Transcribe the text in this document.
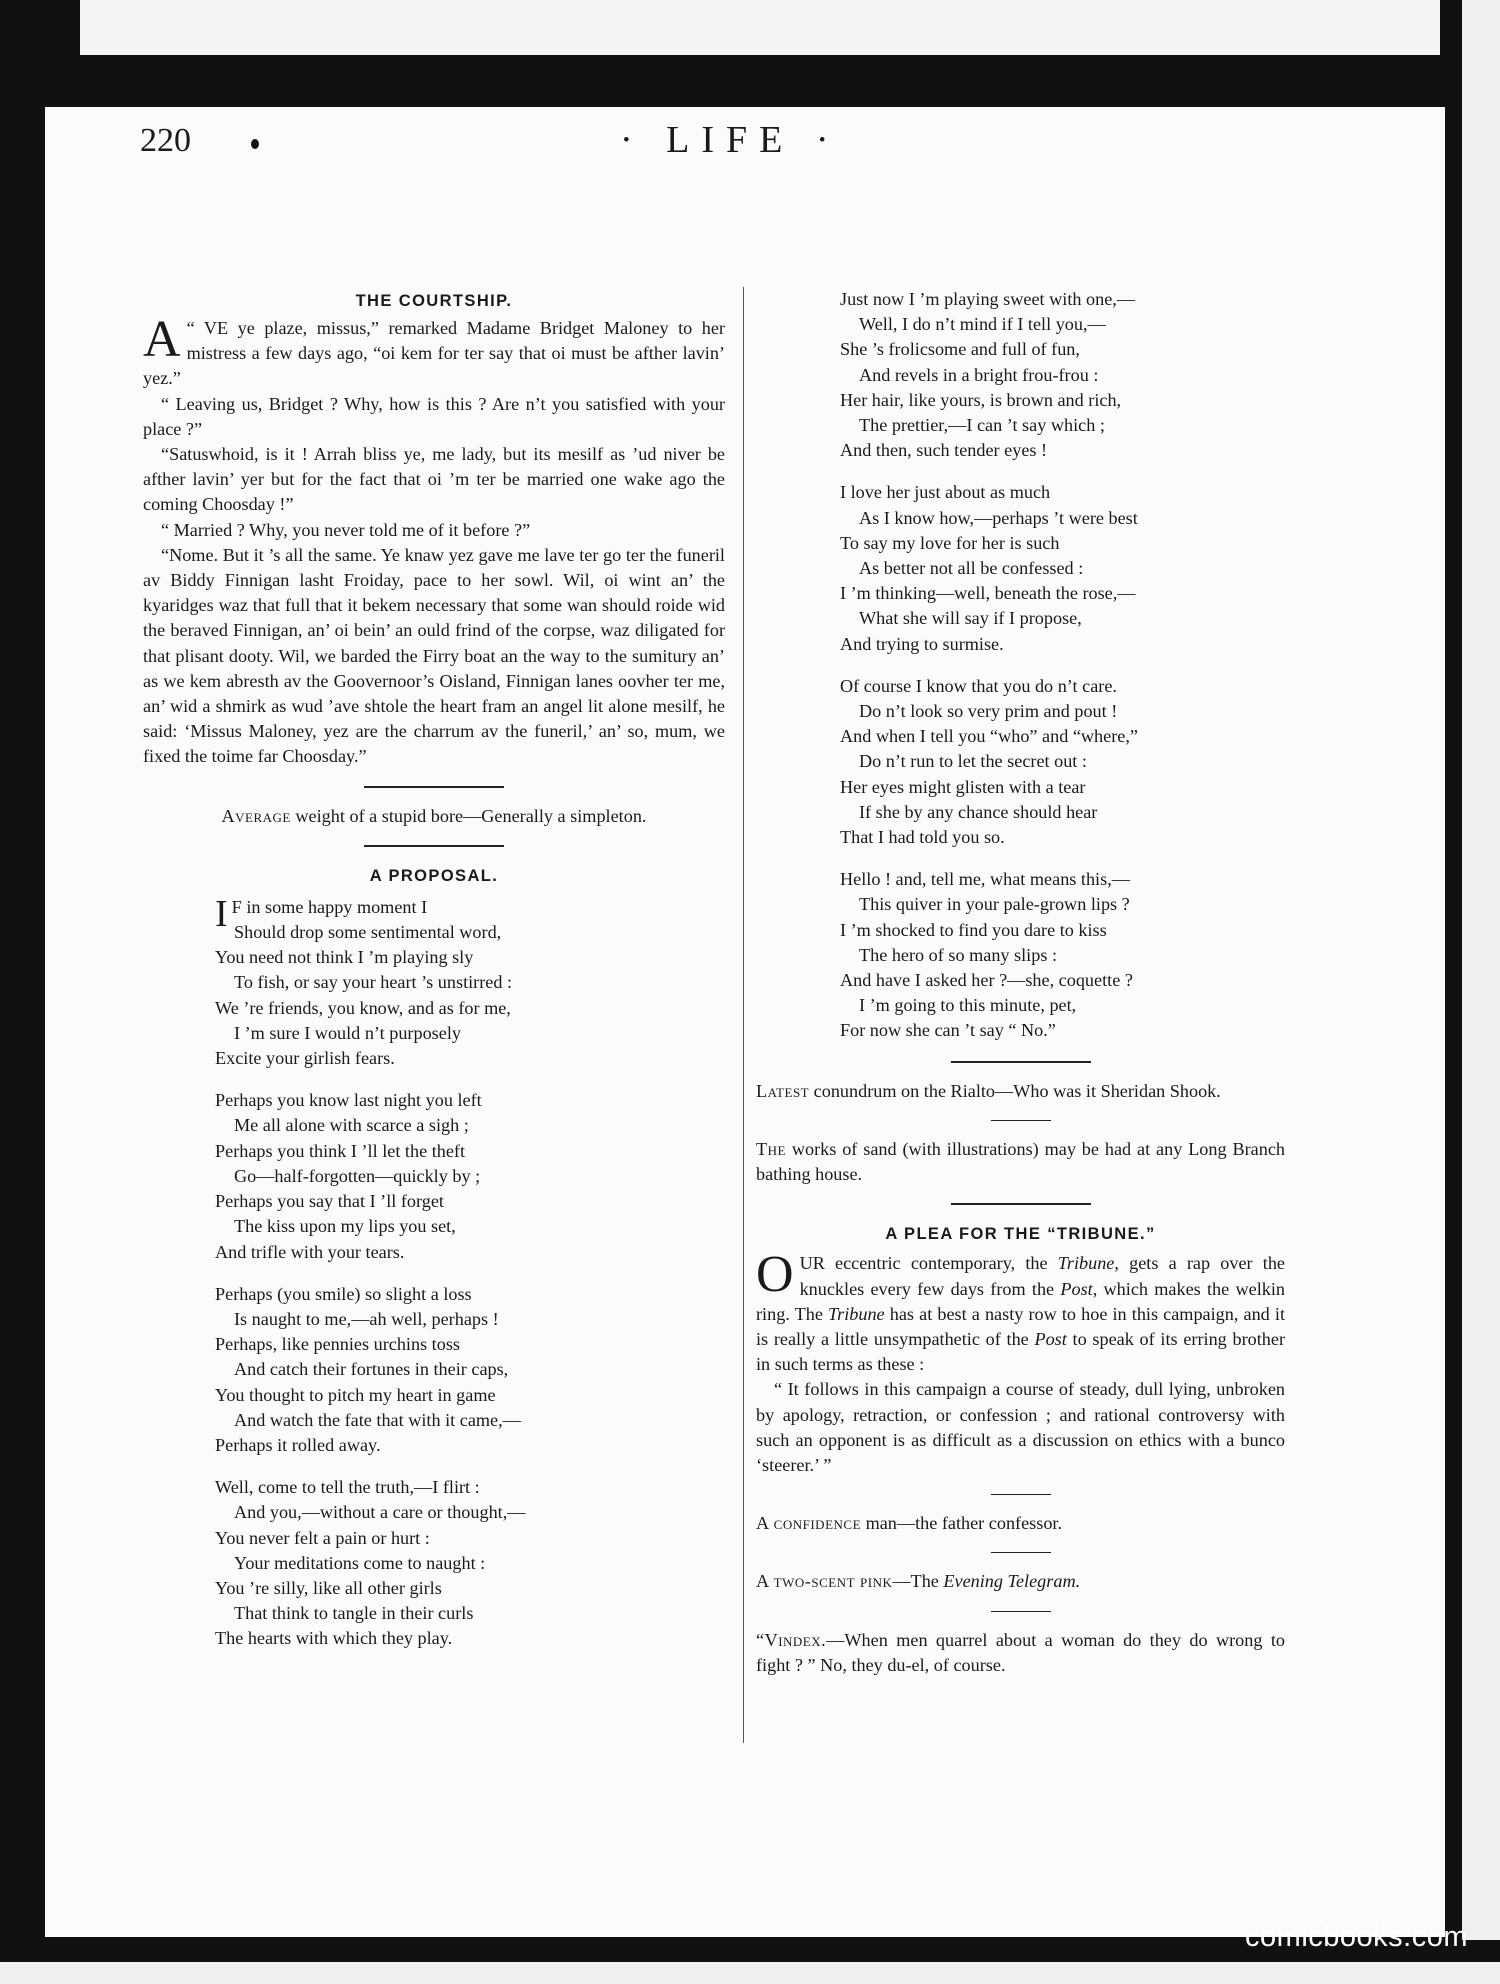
220	· LIFE ·
THE COURTSHIP.

A “ VE ye plaze, missus,” remarked Madame Bridget Maloney to her mistress a few days ago, “oi kem for ter say that oi must be afther lavin’ yez.”

“ Leaving us, Bridget ? Why, how is this ? Are n’t you satisfied with your place ?”

“Satuswhoid, is it ! Arrah bliss ye, me lady, but its mesilf as ’ud niver be afther lavin’ yer but for the fact that oi ’m ter be married one wake ago the coming Choosday !”

“ Married ? Why, you never told me of it before ?”

“Nome. But it ’s all the same. Ye knaw yez gave me lave ter go ter the funeril av Biddy Finnigan lasht Froiday, pace to her sowl. Wil, oi wint an’ the kyaridges waz that full that it bekem necessary that some wan should roide wid the beraved Finnigan, an’ oi bein’ an ould frind of the corpse, waz diligated for that plisant dooty. Wil, we barded the Firry boat an the way to the sumitury an’ as we kem abresth av the Goovernoor’s Oisland, Finnigan lanes oovher ter me, an’ wid a shmirk as wud ’ave shtole the heart fram an angel lit alone mesilf, he said: ‘Missus Maloney, yez are the charrum av the funeril,’ an’ so, mum, we fixed the toime far Choosday.”

Average weight of a stupid bore—Generally a simpleton.

A PROPOSAL.
I F in some happy moment I
Should drop some sentimental word,
You need not think I ’m playing sly
To fish, or say your heart ’s unstirred :
We ’re friends, you know, and as for me,
I ’m sure I would n’t purposely
Excite your girlish fears.
Perhaps you know last night you left
Me all alone with scarce a sigh ;
Perhaps you think I ’ll let the theft
Go—half-forgotten—quickly by ;
Perhaps you say that I ’ll forget
The kiss upon my lips you set,
And trifle with your tears.
Perhaps (you smile) so slight a loss
Is naught to me,—ah well, perhaps !
Perhaps, like pennies urchins toss
And catch their fortunes in their caps,
You thought to pitch my heart in game
And watch the fate that with it came,—
Perhaps it rolled away.
Well, come to tell the truth,—I flirt :
And you,—without a care or thought,—
You never felt a pain or hurt :
Your meditations come to naught :
You ’re silly, like all other girls
That think to tangle in their curls
The hearts with which they play.
Just now I ’m playing sweet with one,—
Well, I do n’t mind if I tell you,—
She ’s frolicsome and full of fun,
And revels in a bright frou-frou :
Her hair, like yours, is brown and rich,
The prettier,—I can ’t say which ;
And then, such tender eyes !
I love her just about as much
As I know how,—perhaps ’t were best
To say my love for her is such
As better not all be confessed :
I ’m thinking—well, beneath the rose,—
What she will say if I propose,
And trying to surmise.
Of course I know that you do n’t care.
Do n’t look so very prim and pout !
And when I tell you “who” and “where,”
Do n’t run to let the secret out :
Her eyes might glisten with a tear
If she by any chance should hear
That I had told you so.
Hello ! and, tell me, what means this,—
This quiver in your pale-grown lips ?
I ’m shocked to find you dare to kiss
The hero of so many slips :
And have I asked her ?—she, coquette ?
I ’m going to this minute, pet,
For now she can ’t say “ No.”

Latest conundrum on the Rialto—Who was it Sheridan Shook.

The works of sand (with illustrations) may be had at any Long Branch bathing house.

A PLEA FOR THE “TRIBUNE.”

OUR eccentric contemporary, the Tribune, gets a rap over the knuckles every few days from the Post, which makes the welkin ring. The Tribune has at best a nasty row to hoe in this campaign, and it is really a little unsympathetic of the Post to speak of its erring brother in such terms as these :

“ It follows in this campaign a course of steady, dull lying, unbroken by apology, retraction, or confession ; and rational controversy with such an opponent is as difficult as a discussion on ethics with a bunco ‘steerer.’ ”

A confidence man—the father confessor.

A two-scent pink—The Evening Telegram.

“Vindex.—When men quarrel about a woman do they do wrong to fight ? ” No, they du-el, of course.

comicbooks.com
